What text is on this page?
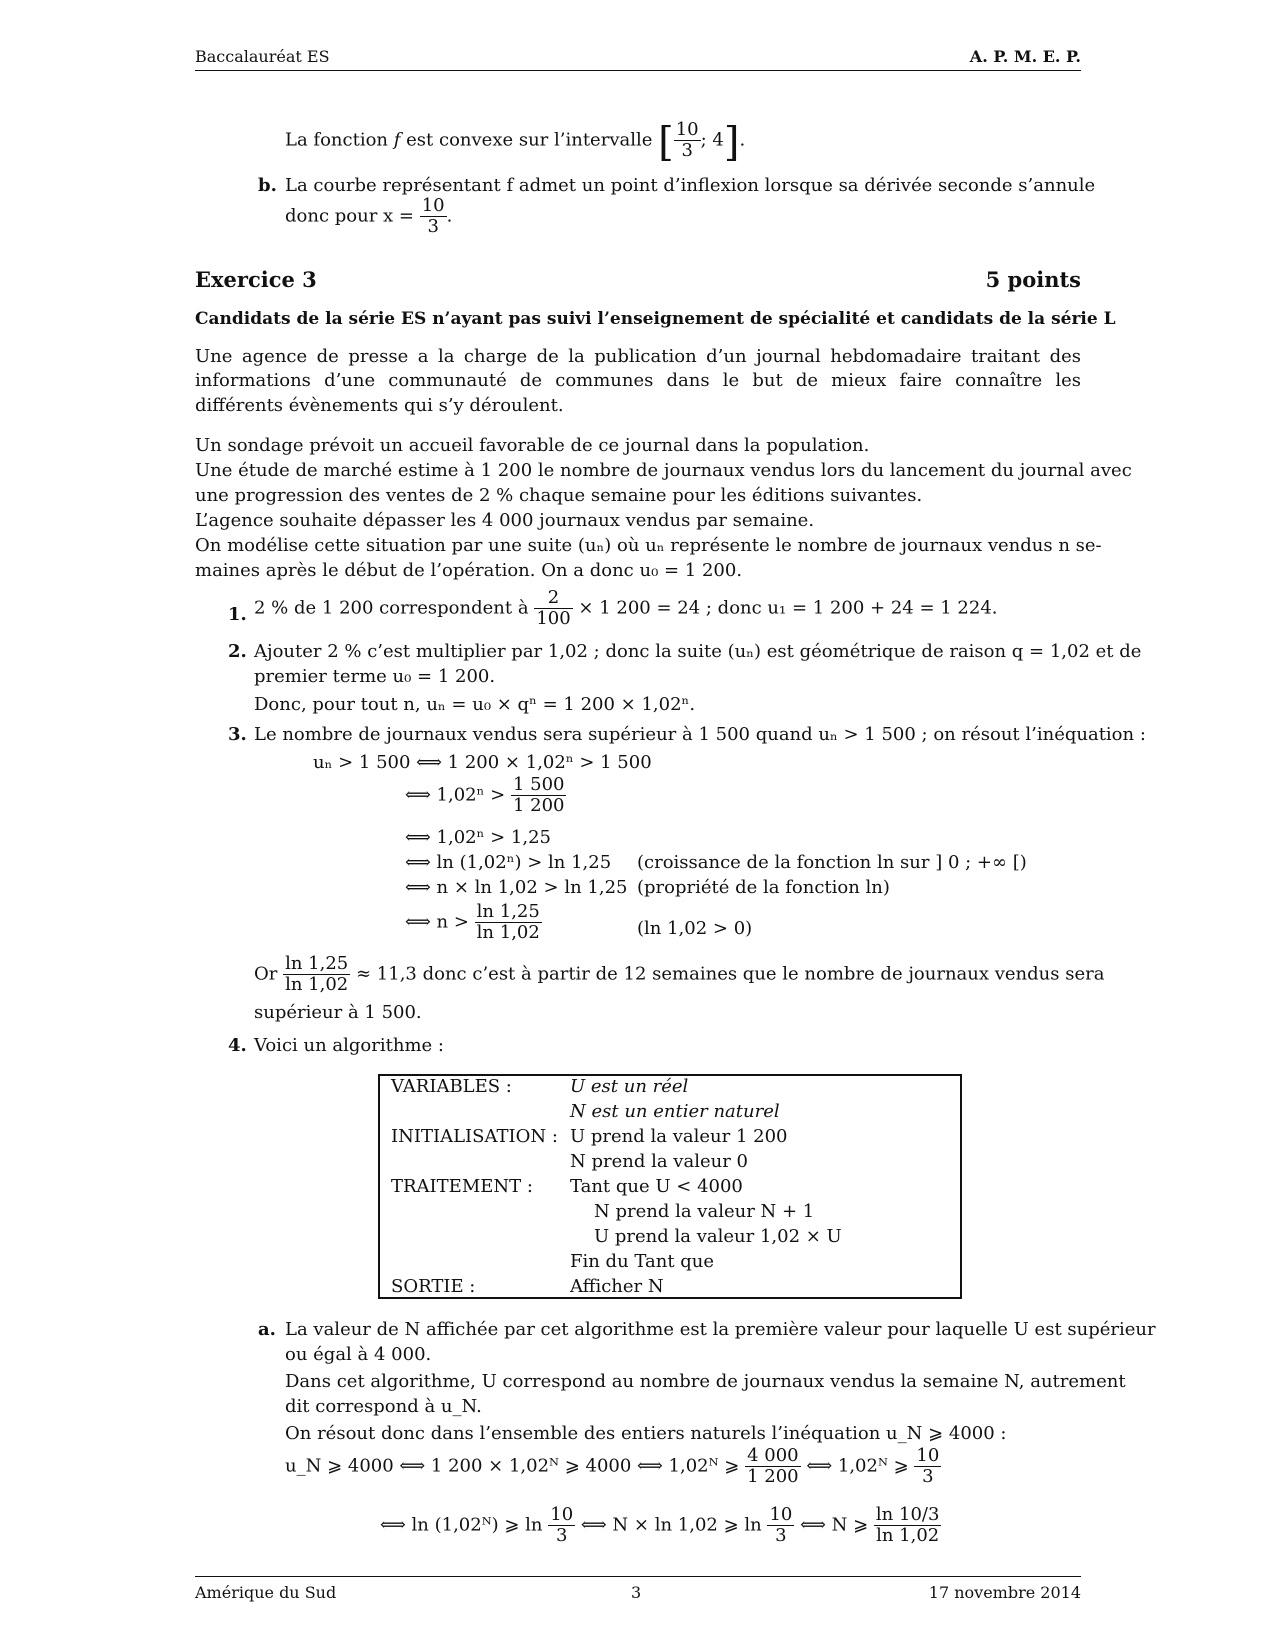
Baccalauréat ES	A. P. M. E. P.
La fonction f est convexe sur l’intervalle [ $\frac{10}{3}$ ; 4].
b. La courbe représentant f admet un point d’inflexion lorsque sa dérivée seconde s’annule
donc pour $x = \frac{10}{3}$ .
Exercice 3	5 points
Candidats de la série ES n’ayant pas suivi l’enseignement de spécialité et candidats de la série L
Une agence de presse a la charge de la publication d’un journal hebdomadaire traitant des informations d’une communauté de communes dans le but de mieux faire connaître les différents évènements qui s’y déroulent.
Un sondage prévoit un accueil favorable de ce journal dans la population.
Une étude de marché estime à 1 200 le nombre de journaux vendus lors du lancement du journal avec
une progression des ventes de 2 % chaque semaine pour les éditions suivantes.
L’agence souhaite dépasser les 4 000 journaux vendus par semaine.
On modélise cette situation par une suite (uₙ) où uₙ représente le nombre de journaux vendus n se-
maines après le début de l’opération. On a donc u₀ = 1 200.
1. 2 % de 1 200 correspondent à $\frac{2}{100} \times 1$ 200 = 24 ; donc u₁ = 1 200 + 24 = 1 224.
2. Ajouter 2 % c’est multiplier par 1,02 ; donc la suite (uₙ) est géométrique de raison q = 1,02 et de
premier terme u₀ = 1 200.
Donc, pour tout n, uₙ = u₀ × qⁿ = 1 200 × 1,02ⁿ.
3. Le nombre de journaux vendus sera supérieur à 1 500 quand uₙ > 1 500 ; on résout l’inéquation :
uₙ > 1 500 ⟺ 1 200 × 1,02ⁿ > 1 500
⟺ $1,02^n > \frac{1 500}{1 200}$
⟺ 1,02ⁿ > 1,25
⟺ ln (1,02ⁿ) > ln 1,25 (croissance de la fonction ln sur ] 0 ; +∞ [)
⟺ n × ln 1,02 > ln 1,25 (propriété de la fonction ln)
⟺ $n > \frac{\ln 1,25}{\ln 1,02}$	(ln 1,02 > 0)
Or $\frac{\ln 1,25}{\ln 1,02} \approx 11,3$ donc c’est à partir de 12 semaines que le nombre de journaux vendus sera
supérieur à 1 500.
4. Voici un algorithme :
VARIABLES :	U est un réel
N est un entier naturel
INITIALISATION : U prend la valeur 1 200
N prend la valeur 0
TRAITEMENT : Tant que U < 4000
N prend la valeur N + 1
U prend la valeur 1,02 × U
Fin du Tant que
SORTIE :	Afficher N
a. La valeur de N affichée par cet algorithme est la première valeur pour laquelle U est supérieur
ou égal à 4 000.
Dans cet algorithme, U correspond au nombre de journaux vendus la semaine N, autrement
dit correspond à u_N.
On résout donc dans l’ensemble des entiers naturels l’inéquation u_N ⩾ 4000 :
u_N ⩾ 4000 ⟺ 1 200 × 1,02ᴺ ⩾ 4000 ⟺ 1,02ᴺ ⩾ $\frac{4 000}{1 200}$ ⟺ 1,02ᴺ ⩾ $\frac{10}{3}$
⟺ ln (1,02ᴺ) ⩾ $\ln \frac{10}{3}$ ⟺ N × ln 1,02 ⩾ $\ln \frac{10}{3}$ ⟺ N ⩾ $\frac{\ln 10/3}{\ln 1,02}$
Amérique du Sud	3	17 novembre 2014
